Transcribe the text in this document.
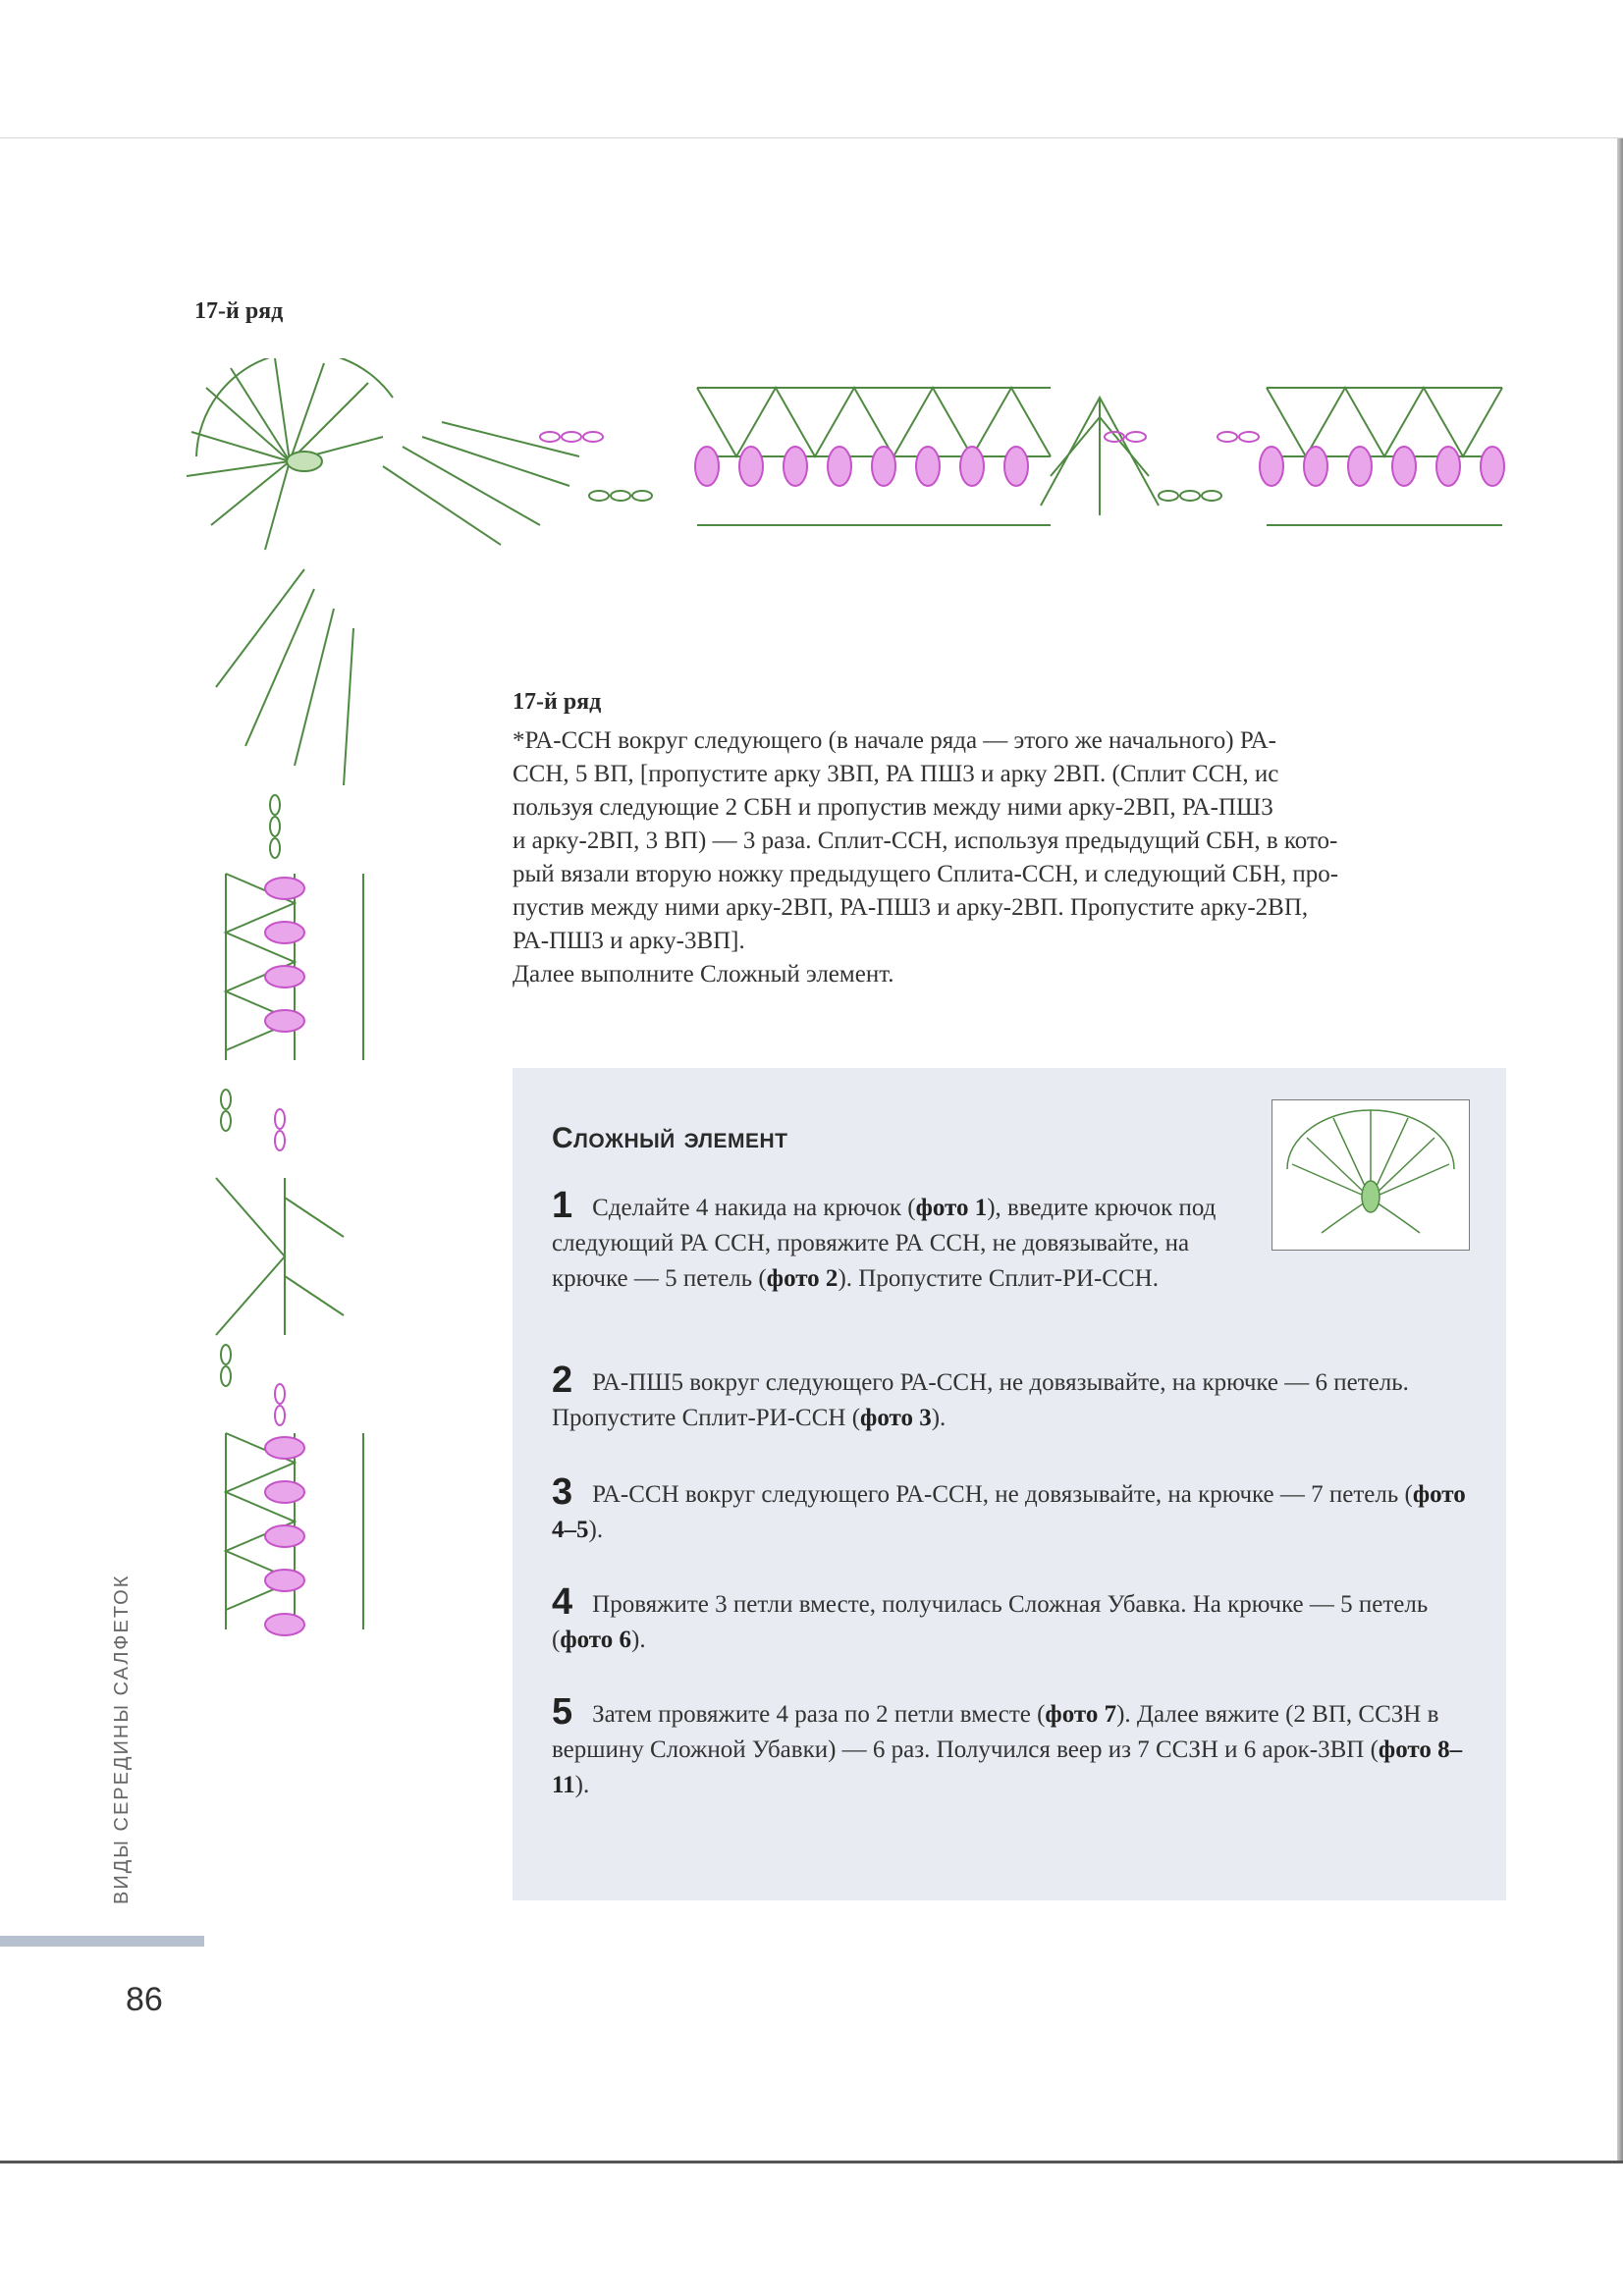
17-й ряд
17-й ряд

*РА-ССН вокруг следующего (в начале ряда — этого же начального) РА-

ССН, 5 ВП, [пропустите арку 3ВП, РА ПШ3 и арку 2ВП. (Сплит ССН, ис

пользуя следующие 2 СБН и пропустив между ними арку-2ВП, РА-ПШ3

и арку-2ВП, 3 ВП) — 3 раза. Сплит-ССН, используя предыдущий СБН, в кото-

рый вязали вторую ножку предыдущего Сплита-ССН, и следующий СБН, про-

пустив между ними арку-2ВП, РА-ПШ3 и арку-2ВП. Пропустите арку-2ВП,

РА-ПШ3 и арку-3ВП].

Далее выполните Сложный элемент.

Сложный элемент
1 Сделайте 4 накида на крючок (фото 1), введите крючок под следующий РА ССН, провяжите РА ССН, не довязывайте, на крючке — 5 петель (фото 2). Пропустите Сплит-РИ-ССН.
2 РА-ПШ5 вокруг следующего РА-ССН, не довязывайте, на крючке — 6 петель. Пропустите Сплит-РИ-ССН (фото 3).
3 РА-ССН вокруг следующего РА-ССН, не довязывайте, на крючке — 7 петель (фото 4–5).
4 Провяжите 3 петли вместе, получилась Сложная Убавка. На крючке — 5 петель (фото 6).
5 Затем провяжите 4 раза по 2 петли вместе (фото 7). Далее вяжите (2 ВП, ССЗН в вершину Сложной Убавки) — 6 раз. Получился веер из 7 ССЗН и 6 арок-3ВП (фото 8–11).
ВИДЫ СЕРЕДИНЫ САЛФЕТОК
86
